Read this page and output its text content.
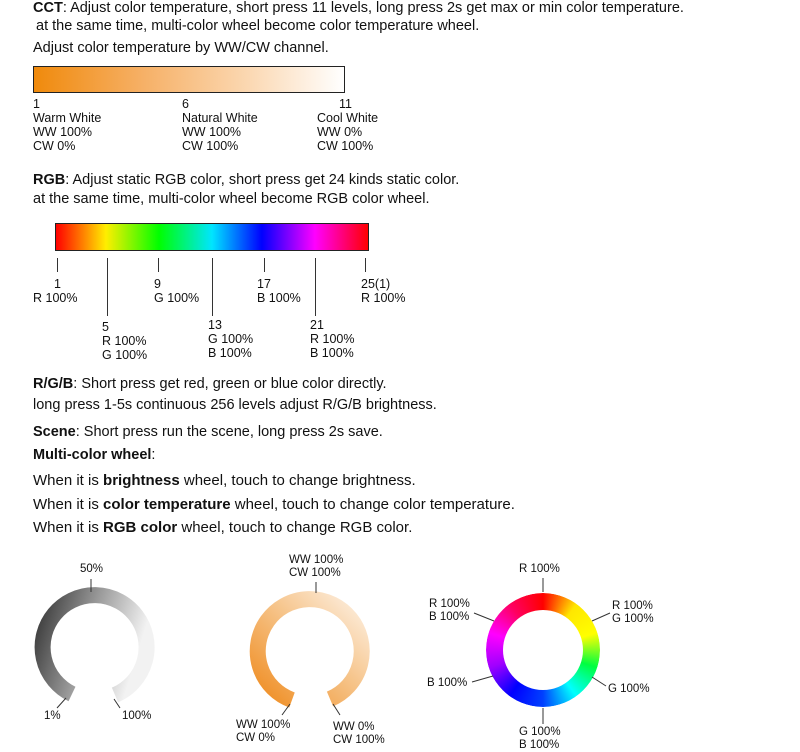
CCT: Adjust color temperature, short press 11 levels, long press 2s get max or min color temperature.
at the same time, multi-color wheel become color temperature wheel.
Adjust color temperature by WW/CW channel.
1
Warm White
WW 100%
CW 0%
6
Natural White
WW 100%
CW 100%
11
Cool White
WW 0%
CW 100%
RGB: Adjust static RGB color, short press get 24 kinds static color.
at the same time, multi-color wheel become RGB color wheel.
1
R 100%
9
G 100%
17
B 100%
25(1)
R 100%
5
R 100%
G 100%
13
G 100%
B 100%
21
R 100%
B 100%
R/G/B: Short press get red, green or blue color directly.
long press 1-5s continuous 256 levels adjust R/G/B brightness.
Scene: Short press run the scene, long press 2s save.
Multi-color wheel:
When it is brightness wheel, touch to change brightness.
When it is color temperature wheel, touch to change color temperature.
When it is RGB color wheel, touch to change RGB color.
50%
1%	100%
WW 100%
CW 100%
WW 100%
CW 0%
WW 0%
CW 100%
R 100%
R 100%
B 100%
R 100%
G 100%
B 100%	G 100%
G 100%
B 100%
